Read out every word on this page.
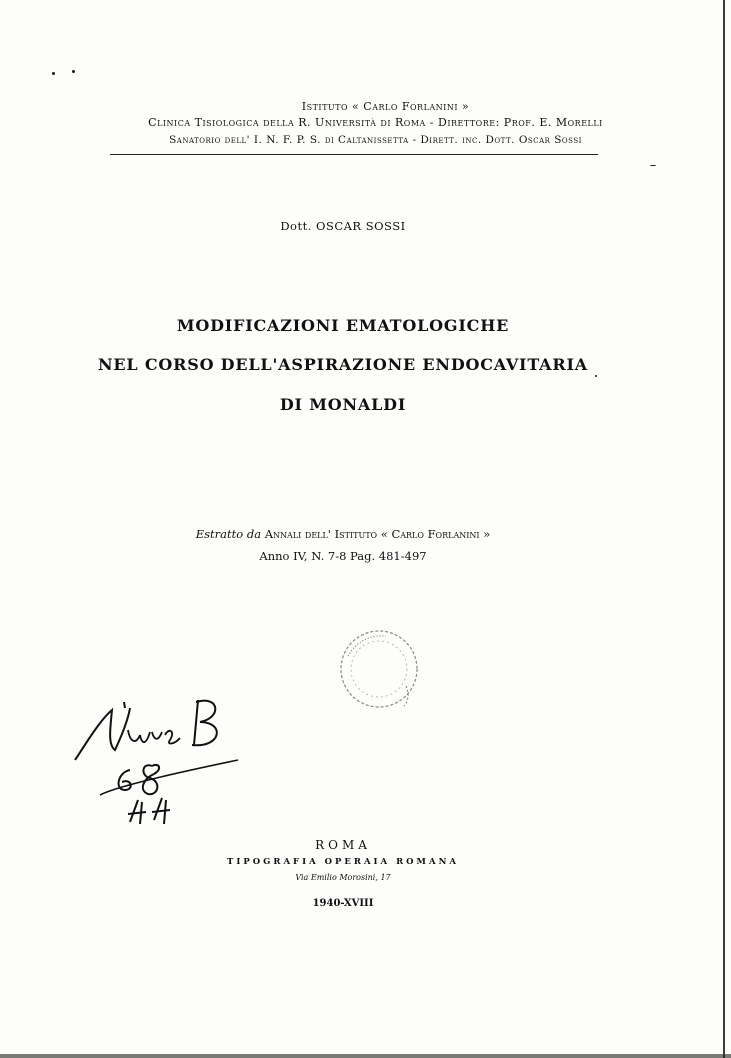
Istituto « Carlo Forlanini »
Clinica Tisiologica della R. Università di Roma - Direttore: Prof. E. Morelli
Sanatorio dell' I. N. F. P. S. di Caltanissetta - Dirett. inc. Dott. Oscar Sossi
Dott. OSCAR SOSSI
MODIFICAZIONI EMATOLOGICHE
NEL CORSO DELL'ASPIRAZIONE ENDOCAVITARIA
DI MONALDI
Estratto da Annali dell' Istituto « Carlo Forlanini »
Anno IV, N. 7-8 Pag. 481-497
ROMA
TIPOGRAFIA OPERAIA ROMANA
Via Emilio Morosini, 17
1940-XVIII
